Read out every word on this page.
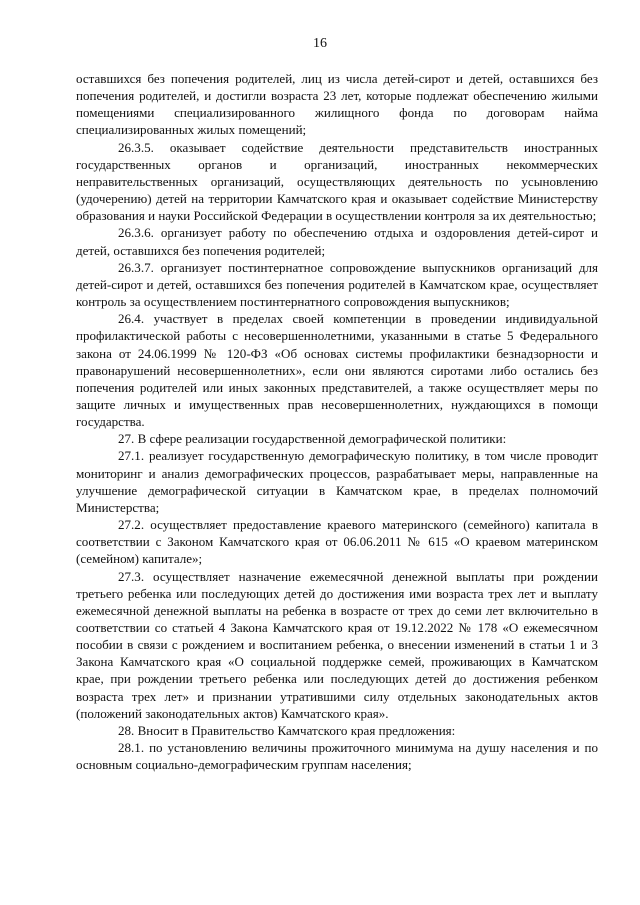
16

оставшихся без попечения родителей, лиц из числа детей-сирот и детей, оставшихся без попечения родителей, и достигли возраста 23 лет, которые подлежат обеспечению жилыми помещениями специализированного жилищного фонда по договорам найма специализированных жилых помещений;

26.3.5. оказывает содействие деятельности представительств иностранных государственных органов и организаций, иностранных некоммерческих неправительственных организаций, осуществляющих деятельность по усыновлению (удочерению) детей на территории Камчатского края и оказывает содействие Министерству образования и науки Российской Федерации в осуществлении контроля за их деятельностью;

26.3.6. организует работу по обеспечению отдыха и оздоровления детей-сирот и детей, оставшихся без попечения родителей;

26.3.7. организует постинтернатное сопровождение выпускников организаций для детей-сирот и детей, оставшихся без попечения родителей в Камчатском крае, осуществляет контроль за осуществлением постинтернатного сопровождения выпускников;

26.4. участвует в пределах своей компетенции в проведении индивидуальной профилактической работы с несовершеннолетними, указанными в статье 5 Федерального закона от 24.06.1999 № 120-ФЗ «Об основах системы профилактики безнадзорности и правонарушений несовершеннолетних», если они являются сиротами либо остались без попечения родителей или иных законных представителей, а также осуществляет меры по защите личных и имущественных прав несовершеннолетних, нуждающихся в помощи государства.

27. В сфере реализации государственной демографической политики:

27.1. реализует государственную демографическую политику, в том числе проводит мониторинг и анализ демографических процессов, разрабатывает меры, направленные на улучшение демографической ситуации в Камчатском крае, в пределах полномочий Министерства;

27.2. осуществляет предоставление краевого материнского (семейного) капитала в соответствии с Законом Камчатского края от 06.06.2011 № 615 «О краевом материнском (семейном) капитале»;

27.3. осуществляет назначение ежемесячной денежной выплаты при рождении третьего ребенка или последующих детей до достижения ими возраста трех лет и выплату ежемесячной денежной выплаты на ребенка в возрасте от трех до семи лет включительно в соответствии со статьей 4 Закона Камчатского края от 19.12.2022 № 178 «О ежемесячном пособии в связи с рождением и воспитанием ребенка, о внесении изменений в статьи 1 и 3 Закона Камчатского края «О социальной поддержке семей, проживающих в Камчатском крае, при рождении третьего ребенка или последующих детей до достижения ребенком возраста трех лет» и признании утратившими силу отдельных законодательных актов (положений законодательных актов) Камчатского края».

28. Вносит в Правительство Камчатского края предложения:

28.1. по установлению величины прожиточного минимума на душу населения и по основным социально-демографическим группам населения;
